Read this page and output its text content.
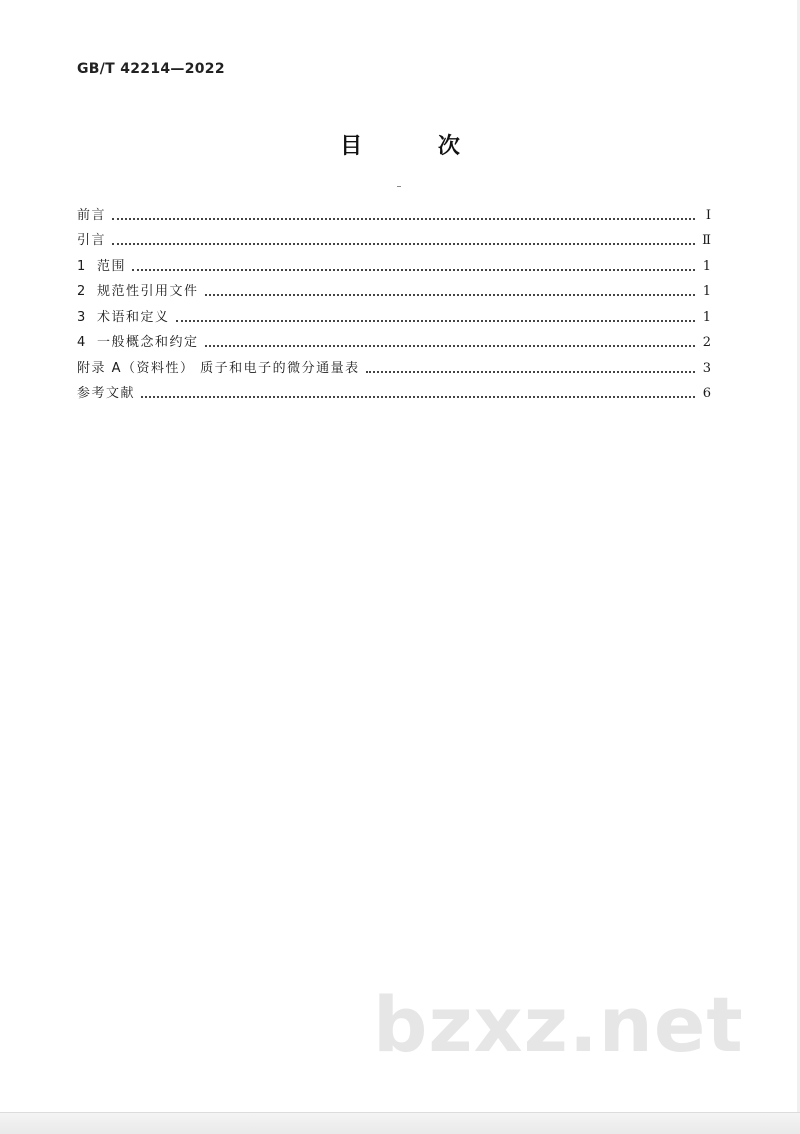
GB/T 42214—2022
目 次
前言	Ⅰ
引言	Ⅱ
1 范围	1
2 规范性引用文件	1
3 术语和定义	1
4 一般概念和约定	2
附录 A（资料性） 质子和电子的微分通量表	3
参考文献	6
bzxz.net
